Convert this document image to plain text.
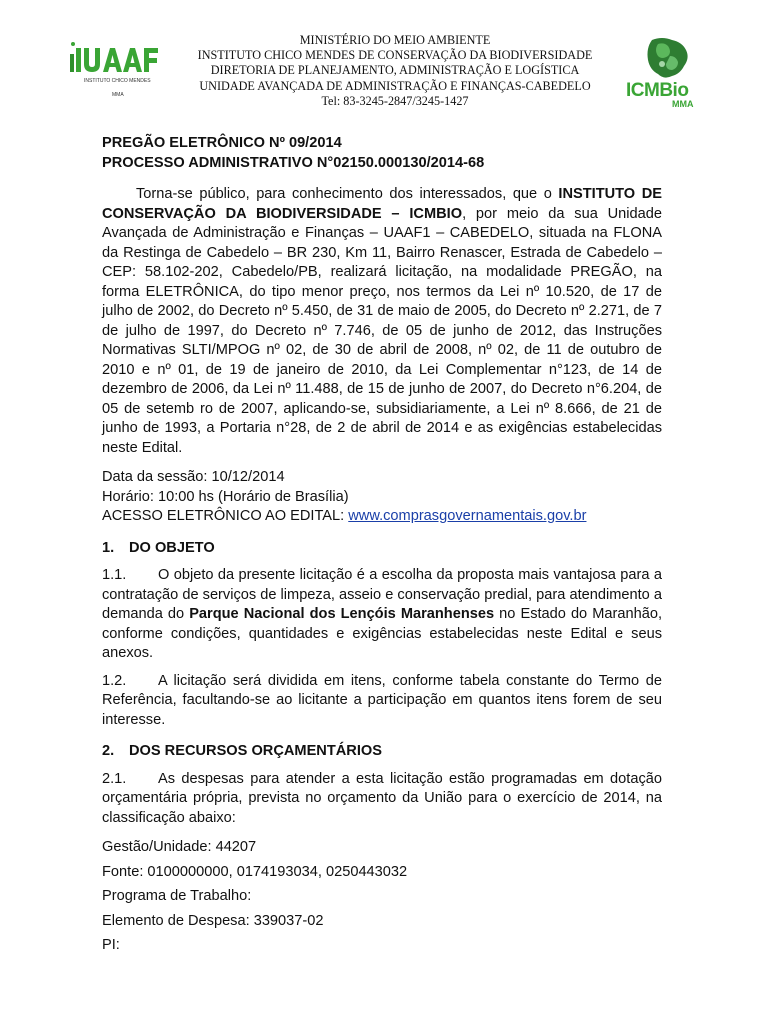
INSTITUTO CHICO MENDES
MMA
MINISTÉRIO DO MEIO AMBIENTE
INSTITUTO CHICO MENDES DE CONSERVAÇÃO DA BIODIVERSIDADE
DIRETORIA DE PLANEJAMENTO, ADMINISTRAÇÃO E LOGÍSTICA
UNIDADE AVANÇADA DE ADMINISTRAÇÃO E FINANÇAS-CABEDELO
Tel: 83-3245-2847/3245-1427	ICMBio
MMA
PREGÃO ELETRÔNICO Nº 09/2014
PROCESSO ADMINISTRATIVO N°02150.000130/2014-68

Torna-se público, para conhecimento dos interessados, que o INSTITUTO DE CONSERVAÇÃO DA BIODIVERSIDADE – ICMBIO, por meio da sua Unidade Avançada de Administração e Finanças – UAAF1 – CABEDELO, situada na FLONA da Restinga de Cabedelo – BR 230, Km 11, Bairro Renascer, Estrada de Cabedelo – CEP: 58.102-202, Cabedelo/PB, realizará licitação, na modalidade PREGÃO, na forma ELETRÔNICA, do tipo menor preço, nos termos da Lei nº 10.520, de 17 de julho de 2002, do Decreto nº 5.450, de 31 de maio de 2005, do Decreto nº 2.271, de 7 de julho de 1997, do Decreto nº 7.746, de 05 de junho de 2012, das Instruções Normativas SLTI/MPOG nº 02, de 30 de abril de 2008, nº 02, de 11 de outubro de 2010 e nº 01, de 19 de janeiro de 2010, da Lei Complementar n°123, de 14 de dezembro de 2006, da Lei nº 11.488, de 15 de junho de 2007, do Decreto n°6.204, de 05 de setemb ro de 2007, aplicando-se, subsidiariamente, a Lei nº 8.666, de 21 de junho de 1993, a Portaria n°28, de 2 de abril de 2014 e as exigências estabelecidas neste Edital.

Data da sessão: 10/12/2014
Horário: 10:00 hs (Horário de Brasília)
ACESSO ELETRÔNICO AO EDITAL: www.comprasgovernamentais.gov.br
1. DO OBJETO

1.1. O objeto da presente licitação é a escolha da proposta mais vantajosa para a contratação de serviços de limpeza, asseio e conservação predial, para atendimento a demanda do Parque Nacional dos Lençóis Maranhenses no Estado do Maranhão, conforme condições, quantidades e exigências estabelecidas neste Edital e seus anexos.

1.2. A licitação será dividida em itens, conforme tabela constante do Termo de Referência, facultando-se ao licitante a participação em quantos itens forem de seu interesse.

2. DOS RECURSOS ORÇAMENTÁRIOS

2.1. As despesas para atender a esta licitação estão programadas em dotação orçamentária própria, prevista no orçamento da União para o exercício de 2014, na classificação abaixo:

Gestão/Unidade: 44207
Fonte: 0100000000, 0174193034, 0250443032
Programa de Trabalho:
Elemento de Despesa: 339037-02
PI:
